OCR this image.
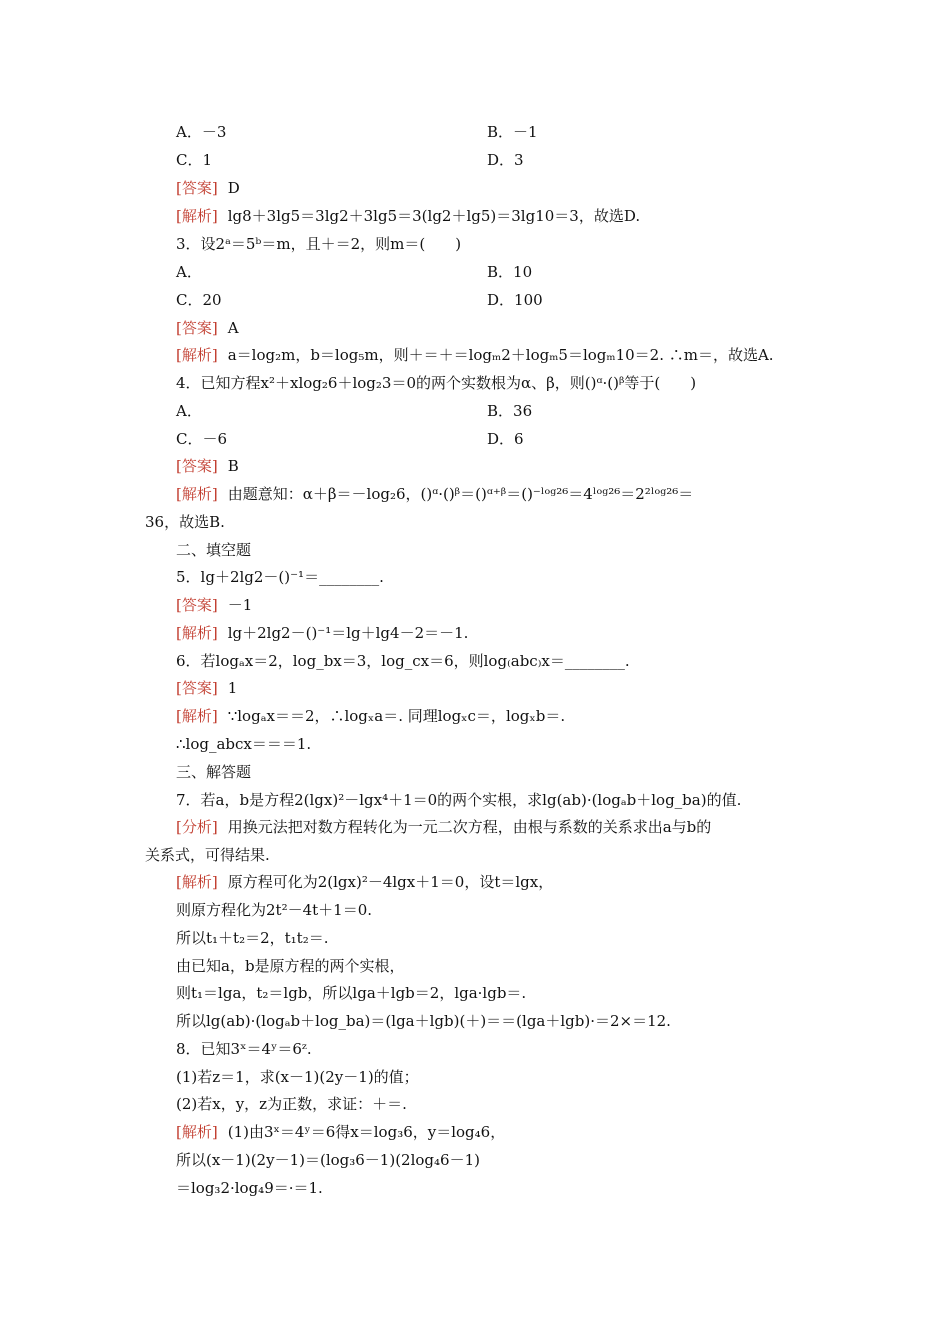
A．－3	B．－1
C．1	D．3
[答案] D
[解析] lg8＋3lg5＝3lg2＋3lg5＝3(lg2＋lg5)＝3lg10＝3，故选D.
3．设2ᵃ＝5ᵇ＝m，且＋＝2，则m＝(　　)
A．	B．10
C．20	D．100
[答案] A
[解析] a＝log₂m，b＝log₅m，则＋＝＋＝logₘ2＋logₘ5＝logₘ10＝2. ∴m＝，故选A.
4．已知方程x²＋xlog₂6＋log₂3＝0的两个实数根为α、β，则()ᵅ·()ᵝ等于(　　)
A．	B．36
C．－6	D．6
[答案] B
[解析] 由题意知：α＋β＝－log₂6，()ᵅ·()ᵝ＝()ᵅ⁺ᵝ＝()⁻ˡᵒᵍ²⁶＝4ˡᵒᵍ²⁶＝2²ˡᵒᵍ²⁶＝
36，故选B.
二、填空题
5．lg＋2lg2－()⁻¹＝________.
[答案] －1
[解析] lg＋2lg2－()⁻¹＝lg＋lg4－2＝－1.
6．若logₐx＝2，log_bx＝3，log_cx＝6，则log₍abc₎x＝________.
[答案] 1
[解析] ∵logₐx＝＝2，∴logₓa＝. 同理logₓc＝，logₓb＝.
∴log_abcx＝＝＝1.
三、解答题
7．若a，b是方程2(lgx)²－lgx⁴＋1＝0的两个实根，求lg(ab)·(logₐb＋log_ba)的值.
[分析] 用换元法把对数方程转化为一元二次方程，由根与系数的关系求出a与b的
关系式，可得结果.
[解析] 原方程可化为2(lgx)²－4lgx＋1＝0，设t＝lgx，
则原方程化为2t²－4t＋1＝0.
所以t₁＋t₂＝2，t₁t₂＝.
由已知a，b是原方程的两个实根，
则t₁＝lga，t₂＝lgb，所以lga＋lgb＝2，lga·lgb＝.
所以lg(ab)·(logₐb＋log_ba)＝(lga＋lgb)(＋)＝＝(lga＋lgb)·＝2×＝12.
8．已知3ˣ＝4ʸ＝6ᶻ.
(1)若z＝1，求(x－1)(2y－1)的值；
(2)若x，y，z为正数，求证：＋＝.
[解析] (1)由3ˣ＝4ʸ＝6得x＝log₃6，y＝log₄6，
所以(x－1)(2y－1)＝(log₃6－1)(2log₄6－1)
＝log₃2·log₄9＝·＝1.
